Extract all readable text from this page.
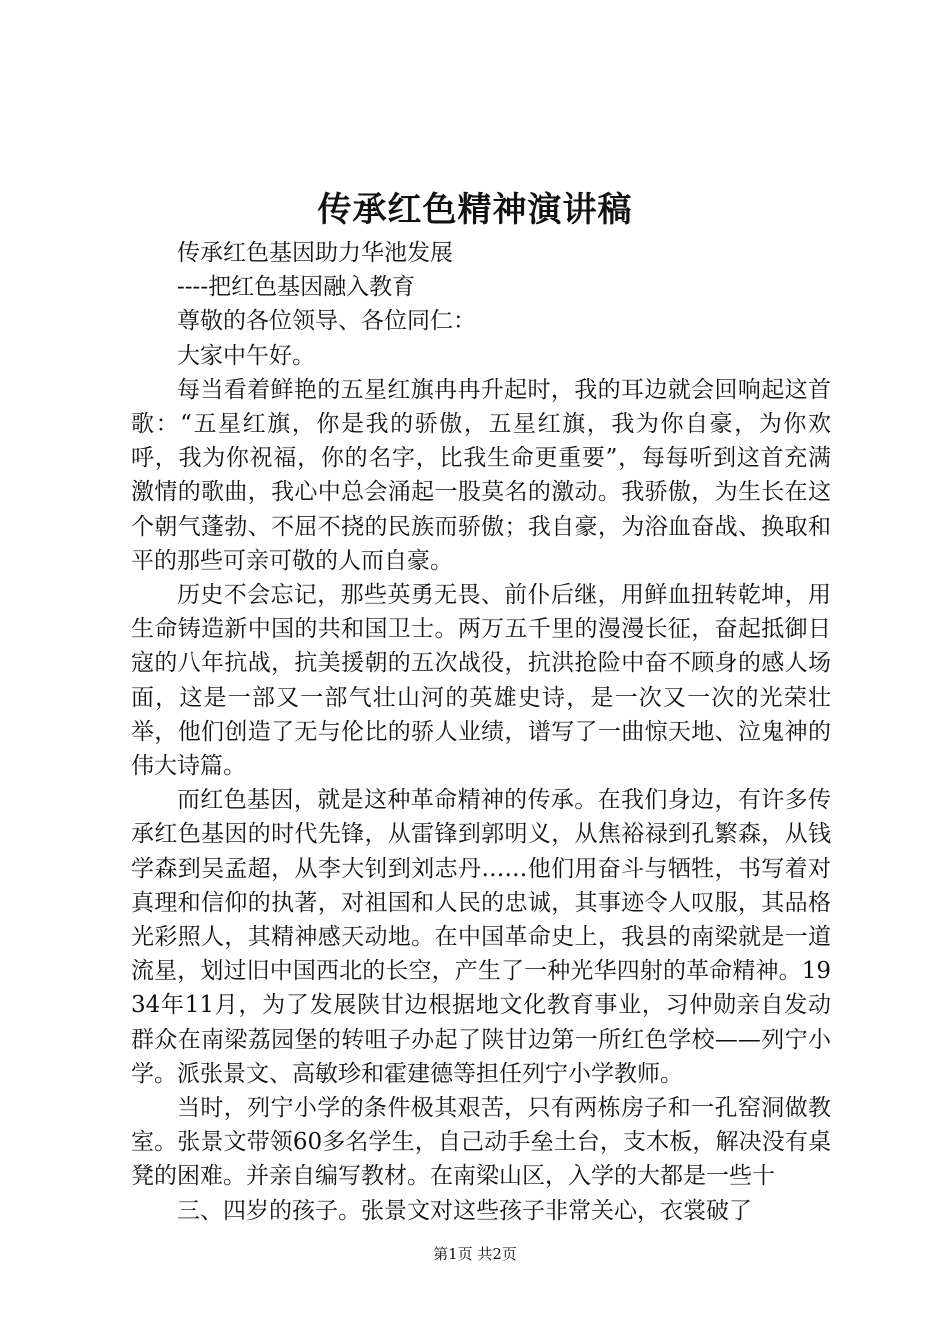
传承红色精神演讲稿

传承红色基因助力华池发展

----把红色基因融入教育

尊敬的各位领导、各位同仁：

大家中午好。

每当看着鲜艳的五星红旗冉冉升起时，我的耳边就会回响起这首歌：“五星红旗，你是我的骄傲，五星红旗，我为你自豪，为你欢呼，我为你祝福，你的名字，比我生命更重要”，每每听到这首充满激情的歌曲，我心中总会涌起一股莫名的激动。我骄傲，为生长在这个朝气蓬勃、不屈不挠的民族而骄傲；我自豪，为浴血奋战、换取和平的那些可亲可敬的人而自豪。

历史不会忘记，那些英勇无畏、前仆后继，用鲜血扭转乾坤，用生命铸造新中国的共和国卫士。两万五千里的漫漫长征，奋起抵御日寇的八年抗战，抗美援朝的五次战役，抗洪抢险中奋不顾身的感人场面，这是一部又一部气壮山河的英雄史诗，是一次又一次的光荣壮举，他们创造了无与伦比的骄人业绩，谱写了一曲惊天地、泣鬼神的伟大诗篇。

而红色基因，就是这种革命精神的传承。在我们身边，有许多传承红色基因的时代先锋，从雷锋到郭明义，从焦裕禄到孔繁森，从钱学森到吴孟超，从李大钊到刘志丹……他们用奋斗与牺牲，书写着对真理和信仰的执著，对祖国和人民的忠诚，其事迹令人叹服，其品格光彩照人，其精神感天动地。在中国革命史上，我县的南梁就是一道流星，划过旧中国西北的长空，产生了一种光华四射的革命精神。1934年11月，为了发展陕甘边根据地文化教育事业，习仲勋亲自发动群众在南梁荔园堡的转咀子办起了陕甘边第一所红色学校——列宁小学。派张景文、高敏珍和霍建德等担任列宁小学教师。

当时，列宁小学的条件极其艰苦，只有两栋房子和一孔窑洞做教室。张景文带领60多名学生，自己动手垒土台，支木板，解决没有桌凳的困难。并亲自编写教材。在南梁山区，入学的大都是一些十

三、四岁的孩子。张景文对这些孩子非常关心，衣裳破了

第1页 共2页
